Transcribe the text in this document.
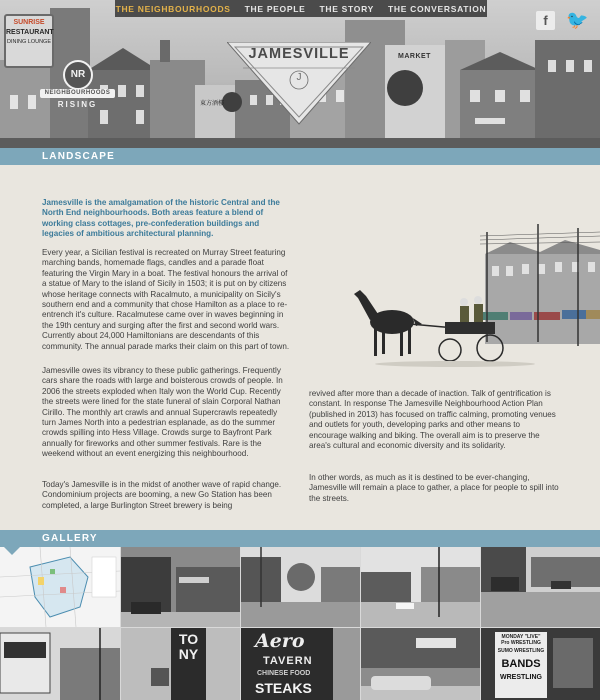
SUNRISE
RESTAURANT
DINING LOUNGE
MARKET
東方酒樓
THE NEIGHBOURHOODS THE PEOPLE THE STORY THE CONVERSATION
f	🐦
NR
NEIGHBOURHOODS
RISING
JAMESVILLE
J
LANDSCAPE

Jamesville is the amalgamation of the historic Central and the North End neighbourhoods. Both areas feature a blend of working class cottages, pre-confederation buildings and legacies of ambitious architectural planning.

Every year, a Sicilian festival is recreated on Murray Street featuring marching bands, homemade flags, candles and a parade float featuring the Virgin Mary in a boat. The festival honours the arrival of a statue of Mary to the island of Sicily in 1503; it is put on by citizens whose heritage connects with Racalmuto, a municipality on Sicily's southern end and a community that chose Hamilton as a place to re-entrench it's culture. Racalmutese came over in waves beginning in the 19th century and surging after the first and second world wars. Currently about 24,000 Hamiltonians are descendants of this community. The annual parade marks their claim on this part of town.

Jamesville owes its vibrancy to these public gatherings. Frequently cars share the roads with large and boisterous crowds of people. In 2006 the streets exploded when Italy won the World Cup. Recently the streets were lined for the state funeral of slain Corporal Nathan Cirillo. The monthly art crawls and annual Supercrawls repeatedly turn James North into a pedestrian esplanade, as do the summer crowds spilling into Hess Village. Crowds surge to Bayfront Park annually for fireworks and other summer festivals. Rare is the weekend without an event energizing this neighbourhood.

Today's Jamesville is in the midst of another wave of rapid change. Condominium projects are booming, a new Go Station has been completed, a large Burlington Street brewery is being

revived after more than a decade of inaction. Talk of gentrification is constant. In response The Jamesville Neighbourhood Action Plan (published in 2013) has focused on traffic calming, promoting venues and outlets for youth, developing parks and other means to encourage walking and biking. The overall aim is to preserve the area's cultural and economic diversity and its solidarity.

In other words, as much as it is destined to be ever-changing, Jamesville will remain a place to gather, a place for people to spill into the streets.

GALLERY
TONY
Aero
TAVERN
CHINESE FOOD
STEAKS
MONDAY "LIVE" Pro WRESTLING
SUMO WRESTLING
BANDS
WRESTLING
